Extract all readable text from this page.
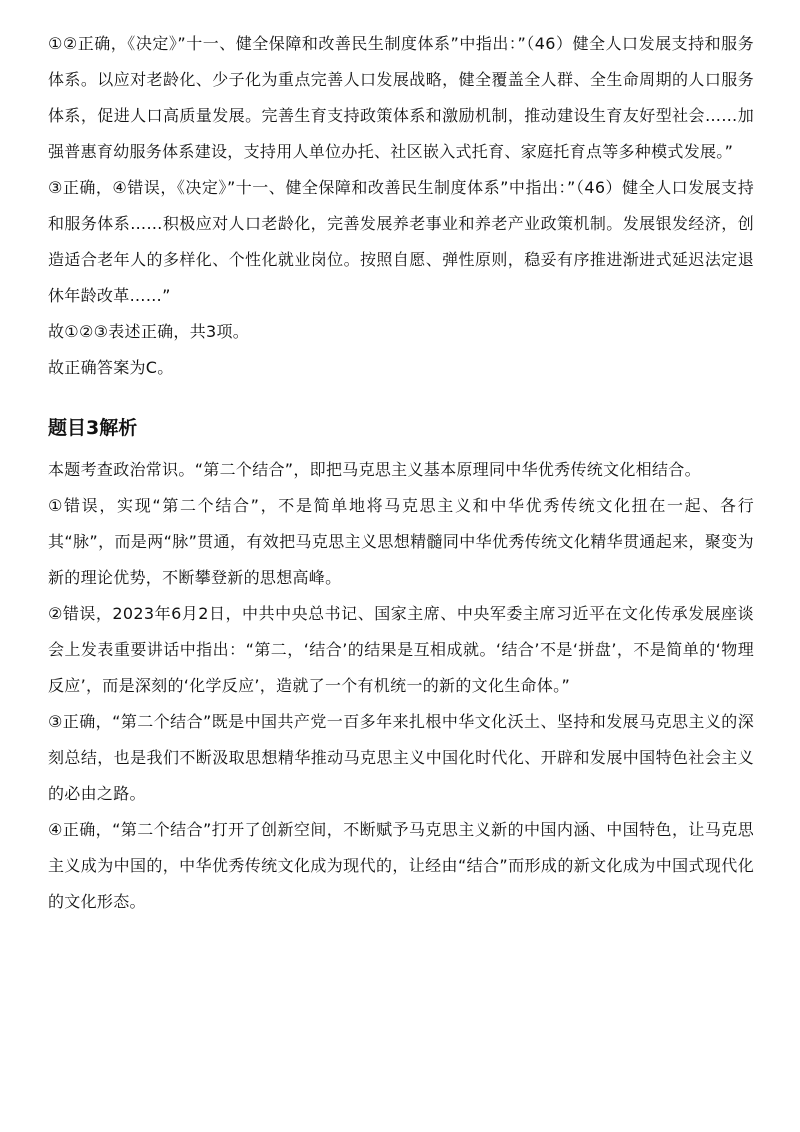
①②正确，《决定》”十一、健全保障和改善民生制度体系”中指出：”（46）健全人口发展支持和服务体系。以应对老龄化、少子化为重点完善人口发展战略，健全覆盖全人群、全生命周期的人口服务体系，促进人口高质量发展。完善生育支持政策体系和激励机制，推动建设生育友好型社会……加强普惠育幼服务体系建设，支持用人单位办托、社区嵌入式托育、家庭托育点等多种模式发展。”

③正确，④错误，《决定》”十一、健全保障和改善民生制度体系”中指出：”（46）健全人口发展支持和服务体系……积极应对人口老龄化，完善发展养老事业和养老产业政策机制。发展银发经济，创造适合老年人的多样化、个性化就业岗位。按照自愿、弹性原则，稳妥有序推进渐进式延迟法定退休年龄改革……”

故①②③表述正确，共3项。

故正确答案为C。

题目3解析

本题考查政治常识。“第二个结合”，即把马克思主义基本原理同中华优秀传统文化相结合。

①错误，实现“第二个结合”，不是简单地将马克思主义和中华优秀传统文化扭在一起、各行其“脉”，而是两“脉”贯通，有效把马克思主义思想精髓同中华优秀传统文化精华贯通起来，聚变为新的理论优势，不断攀登新的思想高峰。

②错误，2023年6月2日，中共中央总书记、国家主席、中央军委主席习近平在文化传承发展座谈会上发表重要讲话中指出：“第二，‘结合’的结果是互相成就。‘结合’不是‘拼盘’，不是简单的‘物理反应’，而是深刻的‘化学反应’，造就了一个有机统一的新的文化生命体。”

③正确，“第二个结合”既是中国共产党一百多年来扎根中华文化沃土、坚持和发展马克思主义的深刻总结，也是我们不断汲取思想精华推动马克思主义中国化时代化、开辟和发展中国特色社会主义的必由之路。

④正确，“第二个结合”打开了创新空间，不断赋予马克思主义新的中国内涵、中国特色，让马克思主义成为中国的，中华优秀传统文化成为现代的，让经由“结合”而形成的新文化成为中国式现代化的文化形态。
